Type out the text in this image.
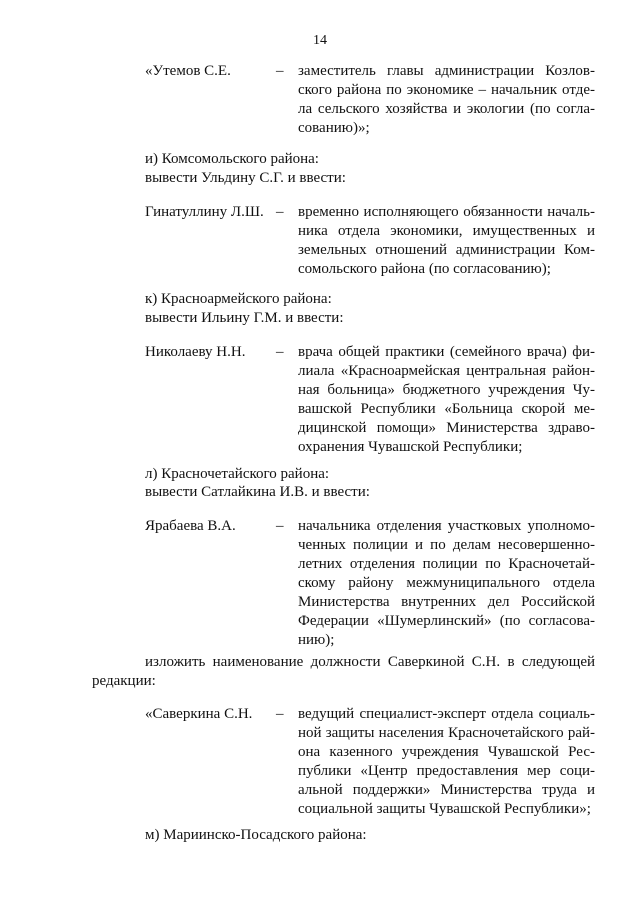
14
«Утемов С.Е.	– заместитель главы администрации Козлов-
ского района по экономике – начальник отде-
ла сельского хозяйства и экологии (по согла-
сованию)»;
и) Комсомольского района:
вывести Ульдину С.Г. и ввести:
Гинатуллину Л.Ш. – временно исполняющего обязанности началь-
ника отдела экономики, имущественных и
земельных отношений администрации Ком-
сомольского района (по согласованию);
к) Красноармейского района:
вывести Ильину Г.М. и ввести:
Николаеву Н.Н. – врача общей практики (семейного врача) фи-
лиала «Красноармейская центральная район-
ная больница» бюджетного учреждения Чу-
вашской Республики «Больница скорой ме-
дицинской помощи» Министерства здраво-
охранения Чувашской Республики;
л) Красночетайского района:
вывести Сатлайкина И.В. и ввести:
Ярабаева В.А.	– начальника отделения участковых уполномо-
ченных полиции и по делам несовершенно-
летних отделения полиции по Красночетай-
скому району межмуниципального отдела
Министерства внутренних дел Российской
Федерации «Шумерлинский» (по согласова-
нию);
изложить наименование должности Саверкиной С.Н. в следующей
редакции:
«Саверкина С.Н. – ведущий специалист-эксперт отдела социаль-
ной защиты населения Красночетайского рай-
она казенного учреждения Чувашской Рес-
публики «Центр предоставления мер соци-
альной поддержки» Министерства труда и
социальной защиты Чувашской Республики»;
м) Мариинско-Посадского района:
